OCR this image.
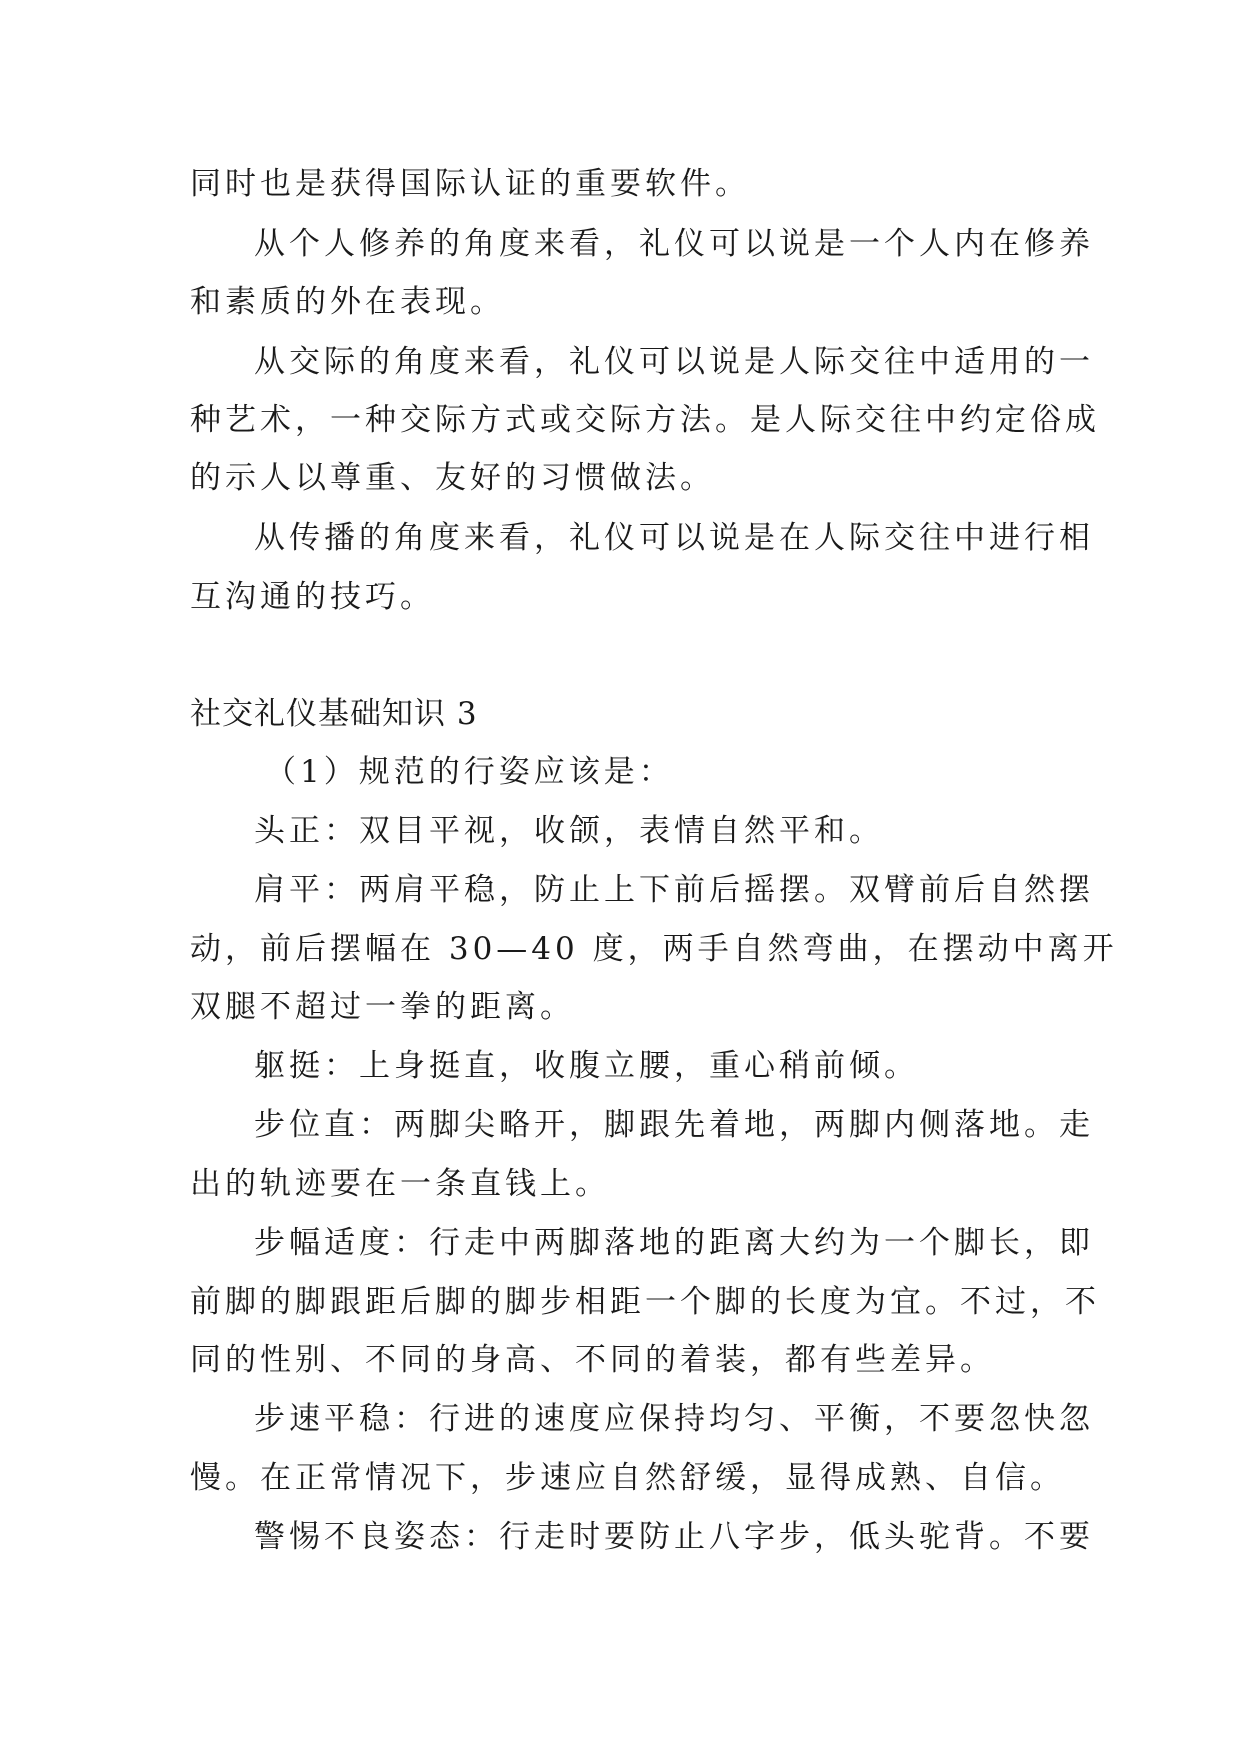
同时也是获得国际认证的重要软件。
从个人修养的角度来看，礼仪可以说是一个人内在修养
和素质的外在表现。
从交际的角度来看，礼仪可以说是人际交往中适用的一
种艺术，一种交际方式或交际方法。是人际交往中约定俗成
的示人以尊重、友好的习惯做法。
从传播的角度来看，礼仪可以说是在人际交往中进行相
互沟通的技巧。
社交礼仪基础知识 3
（1）规范的行姿应该是：
头正：双目平视，收颌，表情自然平和。
肩平：两肩平稳，防止上下前后摇摆。双臂前后自然摆
动，前后摆幅在 30—40 度，两手自然弯曲，在摆动中离开
双腿不超过一拳的距离。
躯挺：上身挺直，收腹立腰，重心稍前倾。
步位直：两脚尖略开，脚跟先着地，两脚内侧落地。走
出的轨迹要在一条直钱上。
步幅适度：行走中两脚落地的距离大约为一个脚长，即
前脚的脚跟距后脚的脚步相距一个脚的长度为宜。不过，不
同的性别、不同的身高、不同的着装，都有些差异。
步速平稳：行进的速度应保持均匀、平衡，不要忽快忽
慢。在正常情况下，步速应自然舒缓，显得成熟、自信。
警惕不良姿态：行走时要防止八字步，低头驼背。不要
